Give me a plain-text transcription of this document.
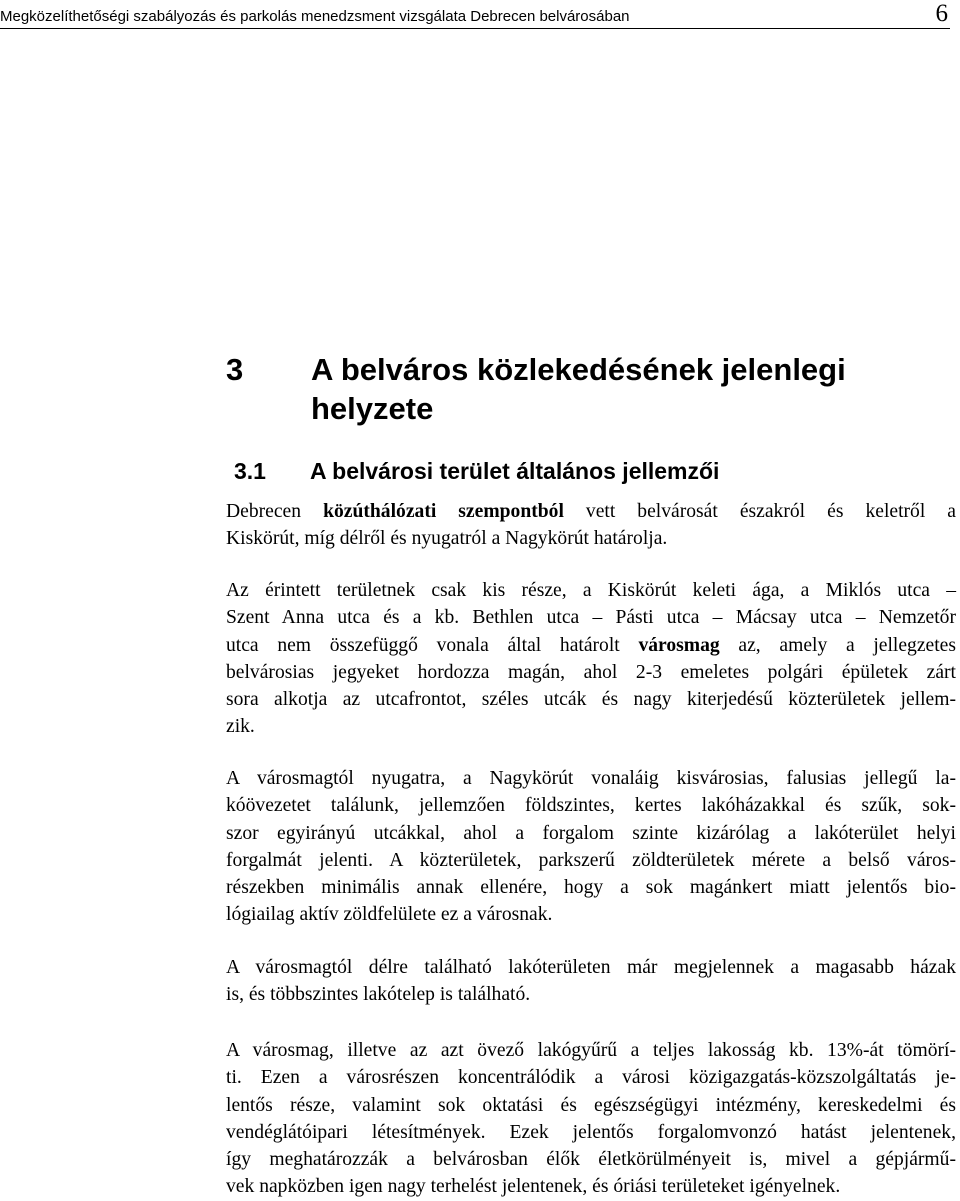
Megközelíthetőségi szabályozás és parkolás menedzsment vizsgálata Debrecen belvárosában	6
3 A belváros közlekedésének jelenlegi helyzete
3.1 A belvárosi terület általános jellemzői

Debrecen közúthálózati szempontból vett belvárosát északról és keletről a
Kiskörút, míg délről és nyugatról a Nagykörút határolja.

Az érintett területnek csak kis része, a Kiskörút keleti ága, a Miklós utca –
Szent Anna utca és a kb. Bethlen utca – Pásti utca – Mácsay utca – Nemzetőr
utca nem összefüggő vonala által határolt városmag az, amely a jellegzetes
belvárosias jegyeket hordozza magán, ahol 2-3 emeletes polgári épületek zárt
sora alkotja az utcafrontot, széles utcák és nagy kiterjedésű közterületek jellem-
zik.

A városmagtól nyugatra, a Nagykörút vonaláig kisvárosias, falusias jellegű la-
kóövezetet találunk, jellemzően földszintes, kertes lakóházakkal és szűk, sok-
szor egyirányú utcákkal, ahol a forgalom szinte kizárólag a lakóterület helyi
forgalmát jelenti. A közterületek, parkszerű zöldterületek mérete a belső város-
részekben minimális annak ellenére, hogy a sok magánkert miatt jelentős bio-
lógiailag aktív zöldfelülete ez a városnak.

A városmagtól délre található lakóterületen már megjelennek a magasabb házak
is, és többszintes lakótelep is található.

A városmag, illetve az azt övező lakógyűrű a teljes lakosság kb. 13%-át tömörí-
ti. Ezen a városrészen koncentrálódik a városi közigazgatás-közszolgáltatás je-
lentős része, valamint sok oktatási és egészségügyi intézmény, kereskedelmi és
vendéglátóipari létesítmények. Ezek jelentős forgalomvonzó hatást jelentenek,
így meghatározzák a belvárosban élők életkörülményeit is, mivel a gépjármű-
vek napközben igen nagy terhelést jelentenek, és óriási területeket igényelnek.
